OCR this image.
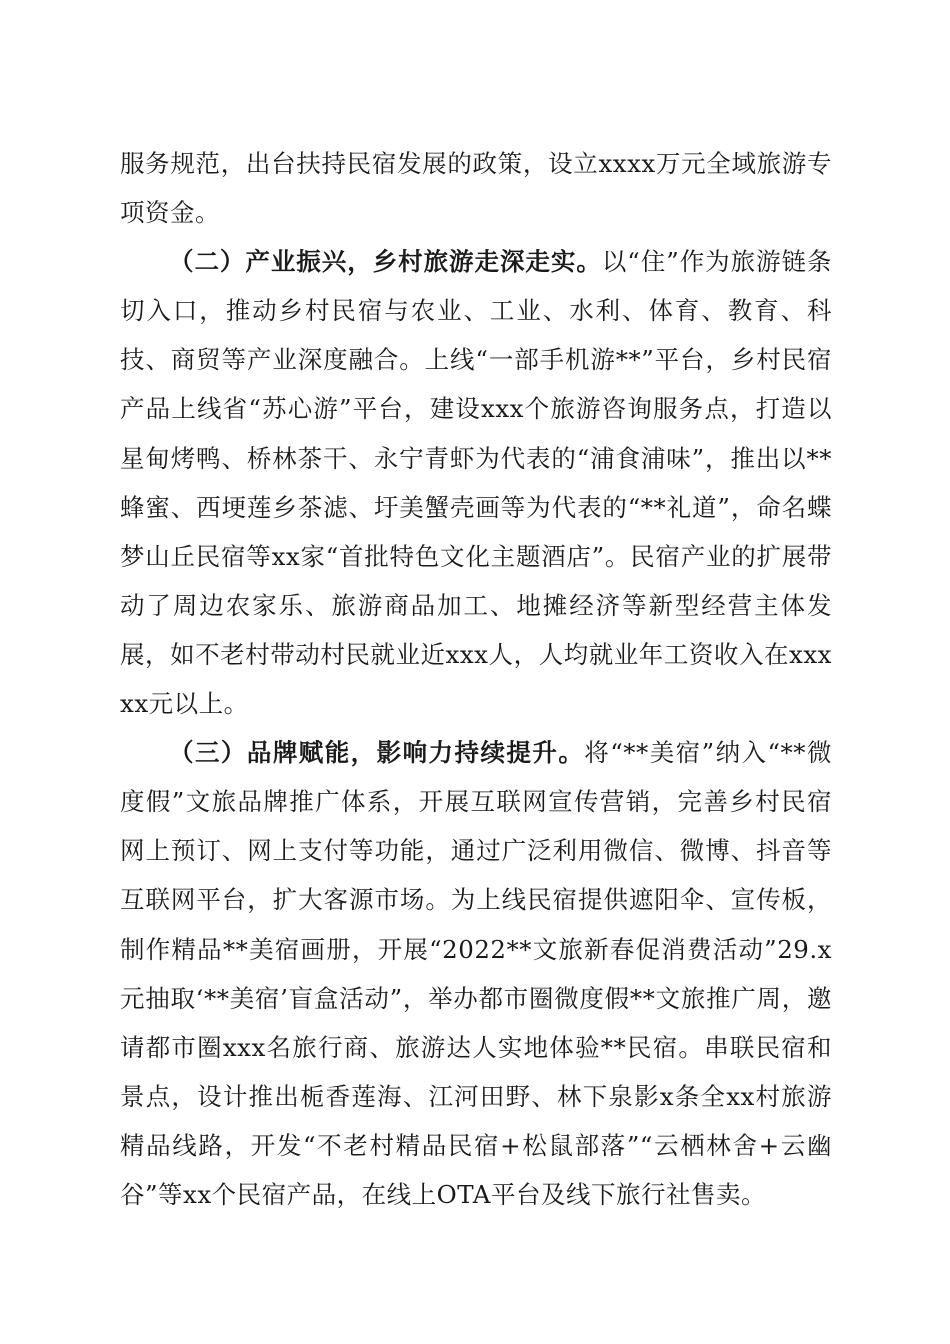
服务规范，出台扶持民宿发展的政策，设立xxxx万元全域旅游专项资金。

（二）产业振兴，乡村旅游走深走实。以“住”作为旅游链条切入口，推动乡村民宿与农业、工业、水利、体育、教育、科技、商贸等产业深度融合。上线“一部手机游**”平台，乡村民宿产品上线省“苏心游”平台，建设xxx个旅游咨询服务点，打造以星甸烤鸭、桥林茶干、永宁青虾为代表的“浦食浦味”，推出以**蜂蜜、西埂莲乡茶滤、圩美蟹壳画等为代表的“**礼道”，命名蝶梦山丘民宿等xx家“首批特色文化主题酒店”。民宿产业的扩展带动了周边农家乐、旅游商品加工、地摊经济等新型经营主体发展，如不老村带动村民就业近xxx人，人均就业年工资收入在xxxxx元以上。

（三）品牌赋能，影响力持续提升。将“**美宿”纳入“**微度假”文旅品牌推广体系，开展互联网宣传营销，完善乡村民宿网上预订、网上支付等功能，通过广泛利用微信、微博、抖音等互联网平台，扩大客源市场。为上线民宿提供遮阳伞、宣传板，制作精品**美宿画册，开展“2022**文旅新春促消费活动”29.x元抽取‘**美宿’盲盒活动”，举办都市圈微度假**文旅推广周，邀请都市圈xxx名旅行商、旅游达人实地体验**民宿。串联民宿和景点，设计推出栀香莲海、江河田野、林下泉影x条全xx村旅游精品线路，开发“不老村精品民宿+松鼠部落”“云栖林舍+云幽谷”等xx个民宿产品，在线上OTA平台及线下旅行社售卖。
